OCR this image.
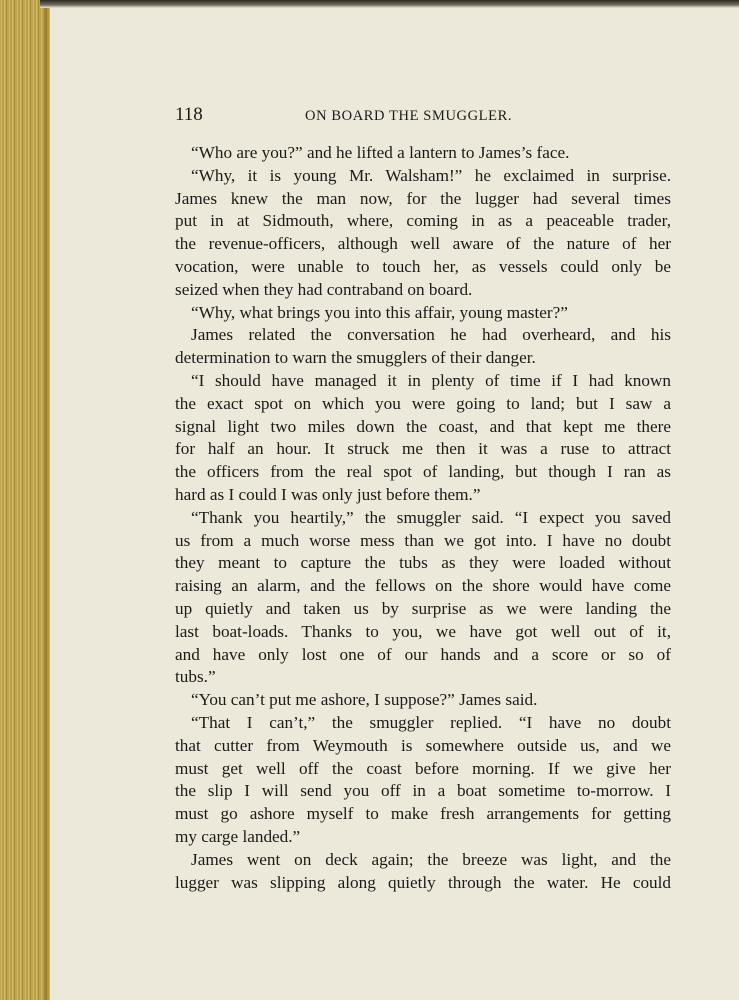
118	ON BOARD THE SMUGGLER.
“Who are you?” and he lifted a lantern to James’s face.
“Why, it is young Mr. Walsham!” he exclaimed in surprise.
James knew the man now, for the lugger had several times
put in at Sidmouth, where, coming in as a peaceable trader,
the revenue-officers, although well aware of the nature of her
vocation, were unable to touch her, as vessels could only be
seized when they had contraband on board.
“Why, what brings you into this affair, young master?”
James related the conversation he had overheard, and his
determination to warn the smugglers of their danger.
“I should have managed it in plenty of time if I had known
the exact spot on which you were going to land; but I saw a
signal light two miles down the coast, and that kept me there
for half an hour. It struck me then it was a ruse to attract
the officers from the real spot of landing, but though I ran as
hard as I could I was only just before them.”
“Thank you heartily,” the smuggler said. “I expect you saved
us from a much worse mess than we got into. I have no doubt
they meant to capture the tubs as they were loaded without
raising an alarm, and the fellows on the shore would have come
up quietly and taken us by surprise as we were landing the
last boat-loads. Thanks to you, we have got well out of it,
and have only lost one of our hands and a score or so of
tubs.”
“You can’t put me ashore, I suppose?” James said.
“That I can’t,” the smuggler replied. “I have no doubt
that cutter from Weymouth is somewhere outside us, and we
must get well off the coast before morning. If we give her
the slip I will send you off in a boat sometime to-morrow. I
must go ashore myself to make fresh arrangements for getting
my carge landed.”
James went on deck again; the breeze was light, and the
lugger was slipping along quietly through the water. He could
